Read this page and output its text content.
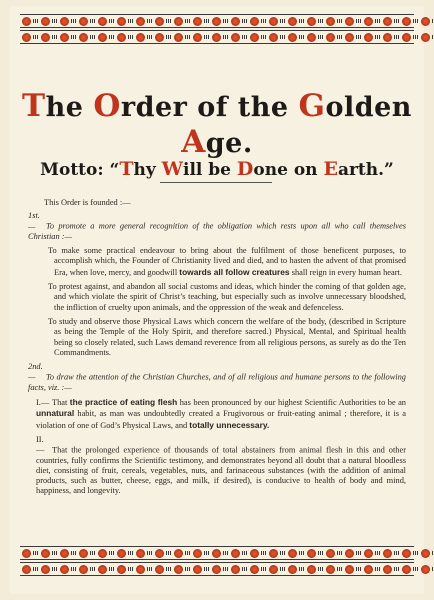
The Order of the Golden Age.
Motto: “Thy Will be Done on Earth.”

This Order is founded :—

1st.— To promote a more general recognition of the obligation which rests upon all who call themselves Christian :—

To make some practical endeavour to bring about the fulfilment of those beneficent purposes, to accomplish which, the Founder of Christianity lived and died, and to hasten the advent of that promised Era, when love, mercy, and goodwill towards all follow creatures shall reign in every human heart.

To protest against, and abandon all social customs and ideas, which hinder the coming of that golden age, and which violate the spirit of Christ’s teaching, but especially such as involve unnecessary bloodshed, the infliction of cruelty upon animals, and the oppression of the weak and defenceless.

To study and observe those Physical Laws which concern the welfare of the body, (described in Scripture as being the Temple of the Holy Spirit, and therefore sacred.) Physical, Mental, and Spiritual health being so closely related, such Laws demand reverence from all religious persons, as surely as do the Ten Commandments.

2nd.— To draw the attention of the Christian Churches, and of all religious and humane persons to the following facts, viz. :—

I.— That the practice of eating flesh has been pronounced by our highest Scientific Authorities to be an unnatural habit, as man was undoubtedly created a Frugivorous or fruit-eating animal ; therefore, it is a violation of one of God’s Physical Laws, and totally unnecessary.

II.— That the prolonged experience of thousands of total abstainers from animal flesh in this and other countries, fully confirms the Scientific testimony, and demonstrates beyond all doubt that a natural bloodless diet, consisting of fruit, cereals, vegetables, nuts, and farinaceous substances (with the addition of animal products, such as butter, cheese, eggs, and milk, if desired), is conducive to health of body and mind, happiness, and longevity.
